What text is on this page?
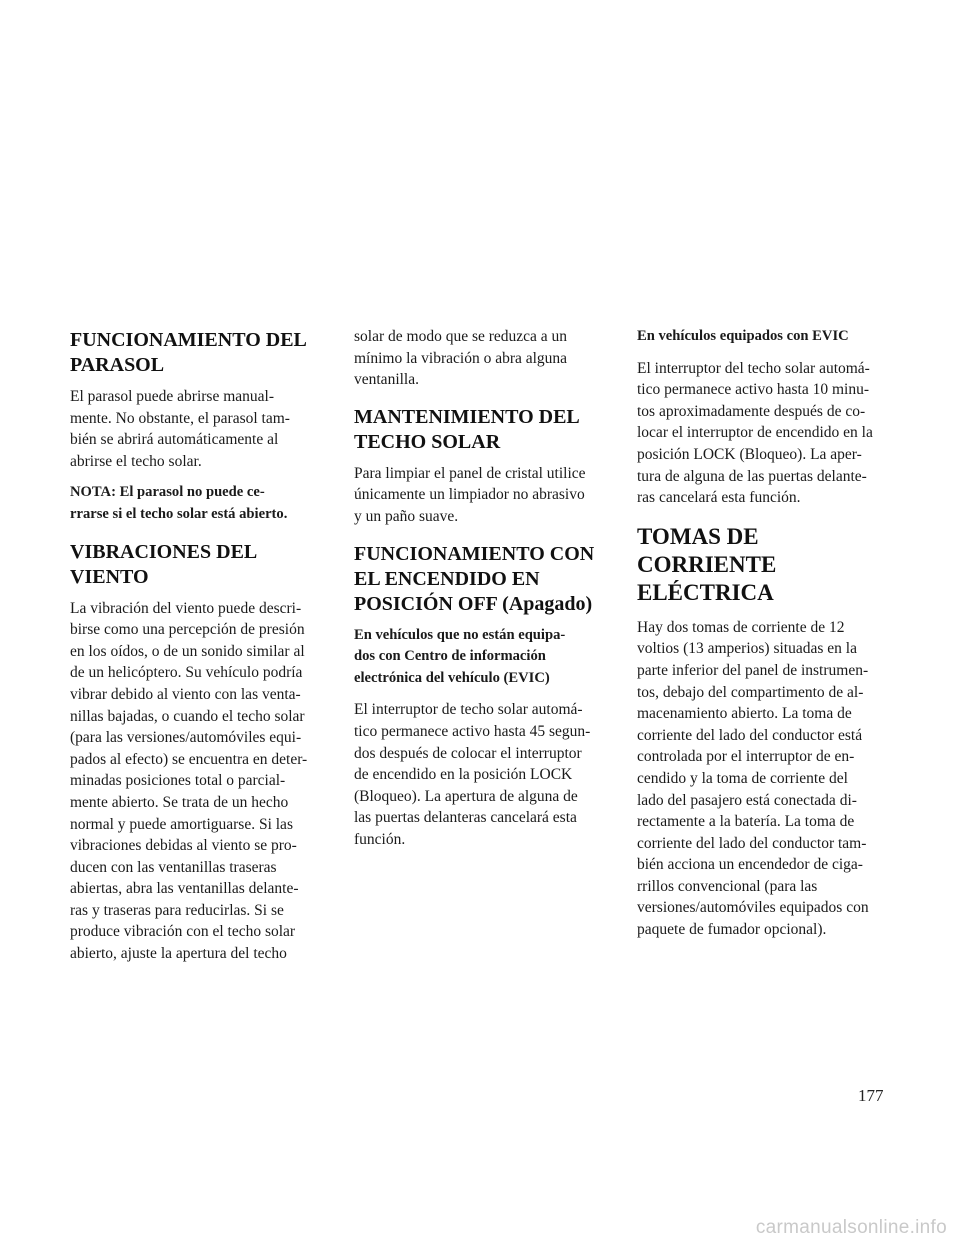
FUNCIONAMIENTO DEL
PARASOL

El parasol puede abrirse manual-
mente. No obstante, el parasol tam-
bién se abrirá automáticamente al
abrirse el techo solar.

NOTA: El parasol no puede ce-
rrarse si el techo solar está abierto.

VIBRACIONES DEL
VIENTO

La vibración del viento puede descri-
birse como una percepción de presión
en los oídos, o de un sonido similar al
de un helicóptero. Su vehículo podría
vibrar debido al viento con las venta-
nillas bajadas, o cuando el techo solar
(para las versiones/automóviles equi-
pados al efecto) se encuentra en deter-
minadas posiciones total o parcial-
mente abierto. Se trata de un hecho
normal y puede amortiguarse. Si las
vibraciones debidas al viento se pro-
ducen con las ventanillas traseras
abiertas, abra las ventanillas delante-
ras y traseras para reducirlas. Si se
produce vibración con el techo solar
abierto, ajuste la apertura del techo

solar de modo que se reduzca a un
mínimo la vibración o abra alguna
ventanilla.

MANTENIMIENTO DEL
TECHO SOLAR

Para limpiar el panel de cristal utilice
únicamente un limpiador no abrasivo
y un paño suave.

FUNCIONAMIENTO CON
EL ENCENDIDO EN
POSICIÓN OFF (Apagado)

En vehículos que no están equipa-
dos con Centro de información
electrónica del vehículo (EVIC)

El interruptor de techo solar automá-
tico permanece activo hasta 45 segun-
dos después de colocar el interruptor
de encendido en la posición LOCK
(Bloqueo). La apertura de alguna de
las puertas delanteras cancelará esta
función.

En vehículos equipados con EVIC

El interruptor del techo solar automá-
tico permanece activo hasta 10 minu-
tos aproximadamente después de co-
locar el interruptor de encendido en la
posición LOCK (Bloqueo). La aper-
tura de alguna de las puertas delante-
ras cancelará esta función.

TOMAS DE CORRIENTE
ELÉCTRICA

Hay dos tomas de corriente de 12
voltios (13 amperios) situadas en la
parte inferior del panel de instrumen-
tos, debajo del compartimento de al-
macenamiento abierto. La toma de
corriente del lado del conductor está
controlada por el interruptor de en-
cendido y la toma de corriente del
lado del pasajero está conectada di-
rectamente a la batería. La toma de
corriente del lado del conductor tam-
bién acciona un encendedor de ciga-
rrillos convencional (para las
versiones/automóviles equipados con
paquete de fumador opcional).

177
carmanualsonline.info
